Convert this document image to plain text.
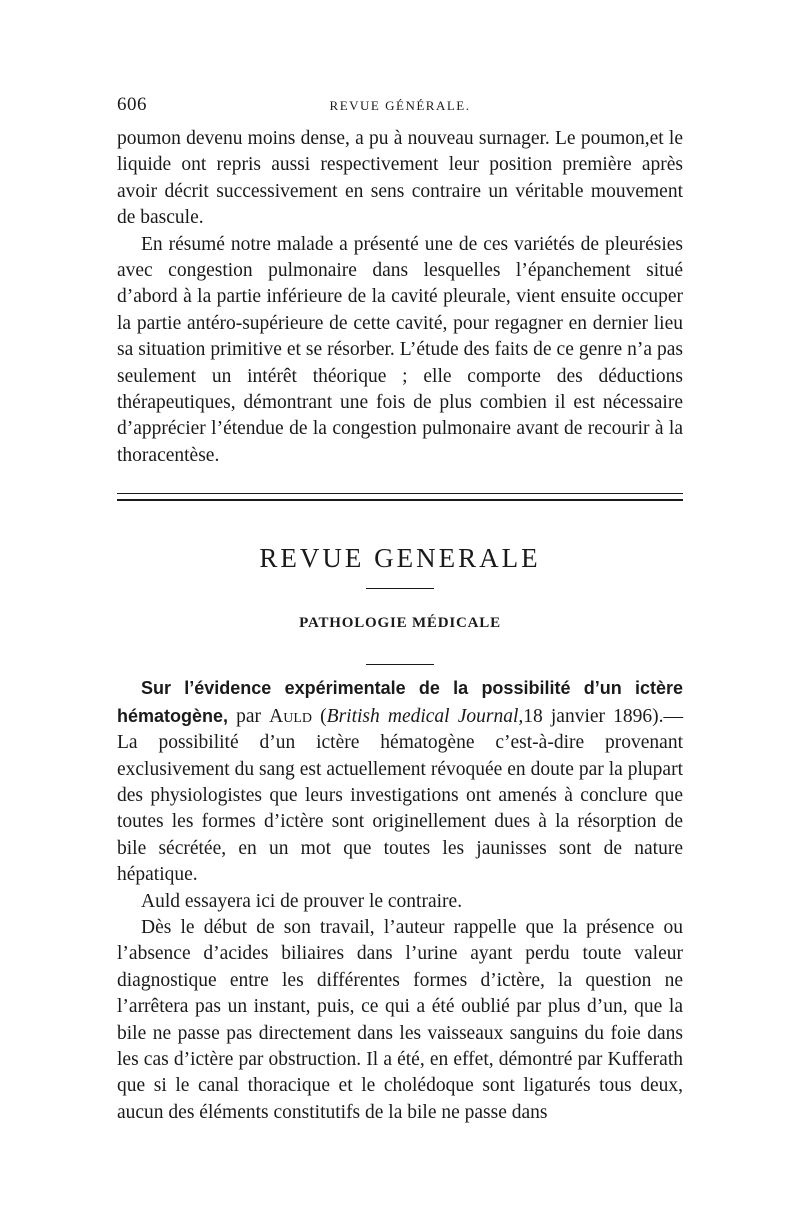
606	REVUE GÉNÉRALE.

poumon devenu moins dense, a pu à nouveau surnager. Le poumon,et le liquide ont repris aussi respectivement leur position première après avoir décrit successivement en sens contraire un véritable mouvement de bascule.

En résumé notre malade a présenté une de ces variétés de pleurésies avec congestion pulmonaire dans lesquelles l’épanchement situé d’abord à la partie inférieure de la cavité pleurale, vient ensuite occuper la partie antéro-supérieure de cette cavité, pour regagner en dernier lieu sa situation primitive et se résorber. L’étude des faits de ce genre n’a pas seulement un intérêt théorique ; elle comporte des déductions thérapeutiques, démontrant une fois de plus combien il est nécessaire d’apprécier l’étendue de la congestion pulmonaire avant de recourir à la thoracentèse.

REVUE GENERALE
PATHOLOGIE MÉDICALE

Sur l’évidence expérimentale de la possibilité d’un ictère hématogène, par Auld (British medical Journal,18 janvier 1896).— La possibilité d’un ictère hématogène c’est-à-dire provenant exclusivement du sang est actuellement révoquée en doute par la plupart des physiologistes que leurs investigations ont amenés à conclure que toutes les formes d’ictère sont originellement dues à la résorption de bile sécrétée, en un mot que toutes les jaunisses sont de nature hépatique.

Auld essayera ici de prouver le contraire.

Dès le début de son travail, l’auteur rappelle que la présence ou l’absence d’acides biliaires dans l’urine ayant perdu toute valeur diagnostique entre les différentes formes d’ictère, la question ne l’arrêtera pas un instant, puis, ce qui a été oublié par plus d’un, que la bile ne passe pas directement dans les vaisseaux sanguins du foie dans les cas d’ictère par obstruction. Il a été, en effet, démontré par Kufferath que si le canal thoracique et le cholédoque sont ligaturés tous deux, aucun des éléments constitutifs de la bile ne passe dans
